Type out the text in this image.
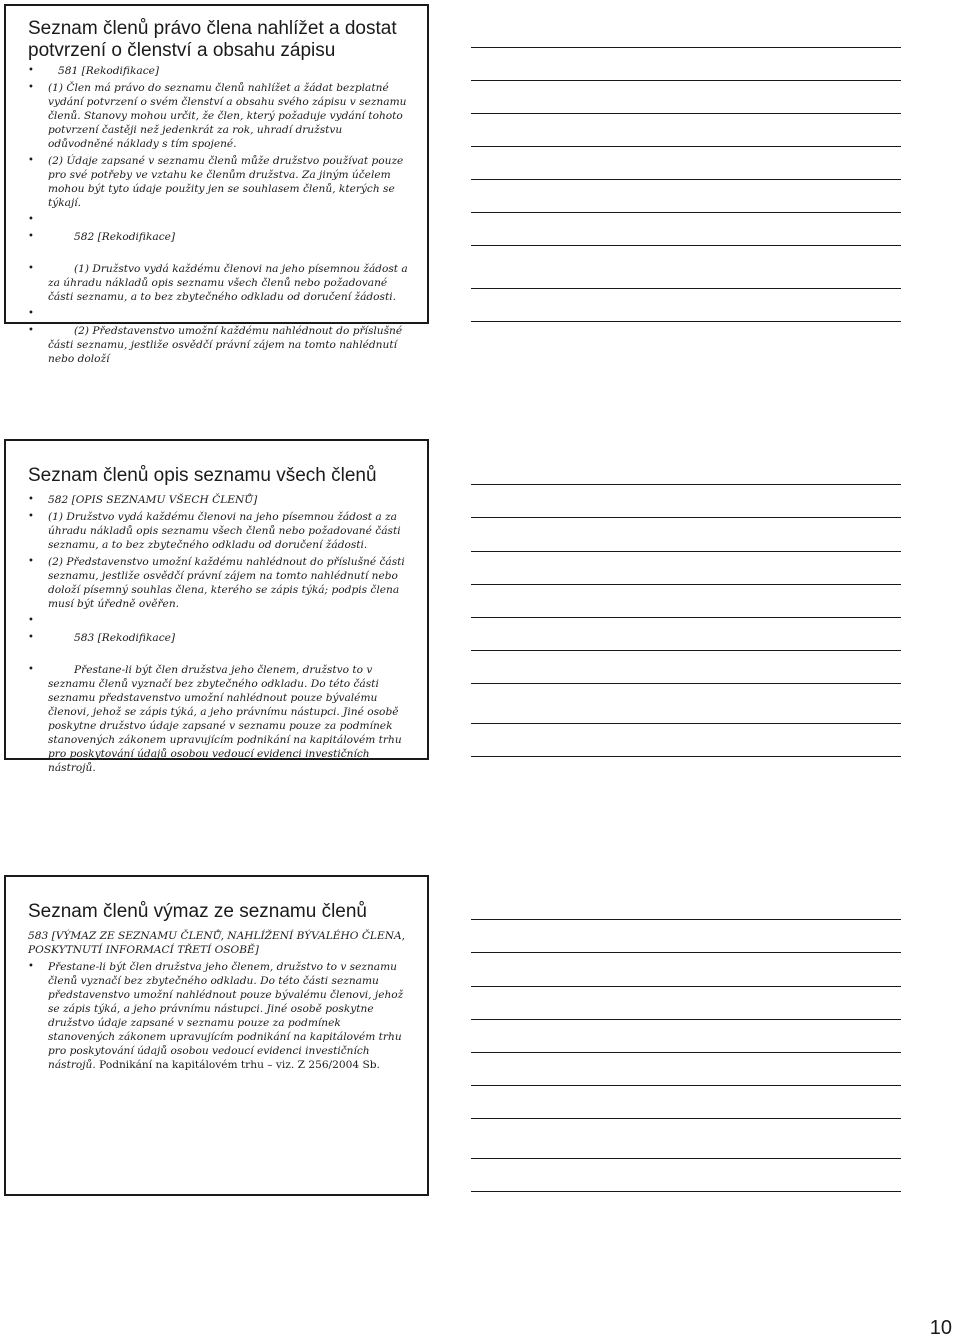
Seznam členů právo člena nahlížet a dostat potvrzení o členství a obsahu zápisu
• 581 [Rekodifikace]
• (1) Člen má právo do seznamu členů nahlížet a žádat bezplatné vydání potvrzení o svém členství a obsahu svého zápisu v seznamu členů. Stanovy mohou určit, že člen, který požaduje vydání tohoto potvrzení častěji než jedenkrát za rok, uhradí družstvu odůvodněné náklady s tím spojené.
• (2) Údaje zapsané v seznamu členů může družstvo používat pouze pro své potřeby ve vztahu ke členům družstva. Za jiným účelem mohou být tyto údaje použity jen se souhlasem členů, kterých se týkají.
•
•	582 [Rekodifikace]
•	(1) Družstvo vydá každému členovi na jeho písemnou žádost a za úhradu nákladů opis seznamu všech členů nebo požadované části seznamu, a to bez zbytečného odkladu od doručení žádosti.
•
•	(2) Představenstvo umožní každému nahlédnout do příslušné části seznamu, jestliže osvědčí právní zájem na tomto nahlédnutí nebo doloží
Seznam členů opis seznamu všech členů
• 582 [OPIS SEZNAMU VŠECH ČLENŮ]
• (1) Družstvo vydá každému členovi na jeho písemnou žádost a za úhradu nákladů opis seznamu všech členů nebo požadované části seznamu, a to bez zbytečného odkladu od doručení žádosti.
• (2) Představenstvo umožní každému nahlédnout do příslušné části seznamu, jestliže osvědčí právní zájem na tomto nahlédnutí nebo doloží písemný souhlas člena, kterého se zápis týká; podpis člena musí být úředně ověřen.
•
•	583 [Rekodifikace]
•	Přestane-li být člen družstva jeho členem, družstvo to v seznamu členů vyznačí bez zbytečného odkladu. Do této části seznamu představenstvo umožní nahlédnout pouze bývalému členovi, jehož se zápis týká, a jeho právnímu nástupci. Jiné osobě poskytne družstvo údaje zapsané v seznamu pouze za podmínek stanovených zákonem upravujícím podnikání na kapitálovém trhu pro poskytování údajů osobou vedoucí evidenci investičních nástrojů.
Seznam členů výmaz ze seznamu členů
583 [VÝMAZ ZE SEZNAMU ČLENŮ, NAHLÍŽENÍ BÝVALÉHO ČLENA, POSKYTNUTÍ INFORMACÍ TŘETÍ OSOBĚ]
• Přestane-li být člen družstva jeho členem, družstvo to v seznamu členů vyznačí bez zbytečného odkladu. Do této části seznamu představenstvo umožní nahlédnout pouze bývalému členovi, jehož se zápis týká, a jeho právnímu nástupci. Jiné osobě poskytne družstvo údaje zapsané v seznamu pouze za podmínek stanovených zákonem upravujícím podnikání na kapitálovém trhu pro poskytování údajů osobou vedoucí evidenci investičních nástrojů. Podnikání na kapitálovém trhu – viz. Z 256/2004 Sb.
10
